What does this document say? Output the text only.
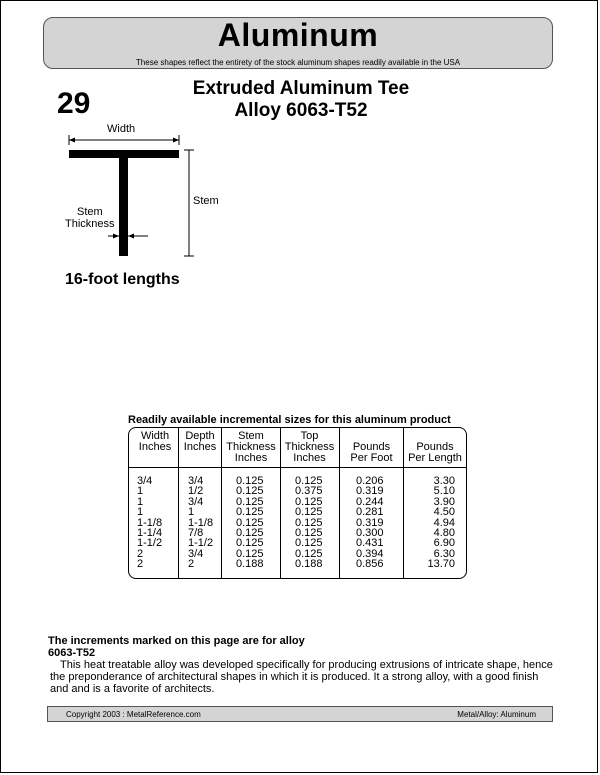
Aluminum
These shapes reflect the entirety of the stock aluminum shapes readily available in the USA
29	Extruded Aluminum Tee
Alloy 6063-T52
Width
Stem
Stem
Thickness
16-foot lengths
Readily available incremental sizes for this aluminum product
Width
Inches
3/4
1
1
1
1-1/8
1-1/4
1-1/2
2
2
Depth
Inches
3/4
1/2
3/4
1
1-1/8
7/8
1-1/2
3/4
2
Stem
Thickness
Inches
0.125
0.125
0.125
0.125
0.125
0.125
0.125
0.125
0.188
Top
Thickness
Inches
0.125
0.375
0.125
0.125
0.125
0.125
0.125
0.125
0.188
Pounds
Per Foot
0.206
0.319
0.244
0.281
0.319
0.300
0.431
0.394
0.856
Pounds
Per Length
3.30
5.10
3.90
4.50
4.94
4.80
6.90
6.30
13.70
The increments marked on this page are for alloy
6063-T52
This heat treatable alloy was developed specifically for producing extrusions of intricate shape, hence the preponderance of architectural shapes in which it is produced. It a strong alloy, with a good finish and and is a favorite of architects.
Copyright 2003 : MetalReference.com	Metal/Alloy: Aluminum
